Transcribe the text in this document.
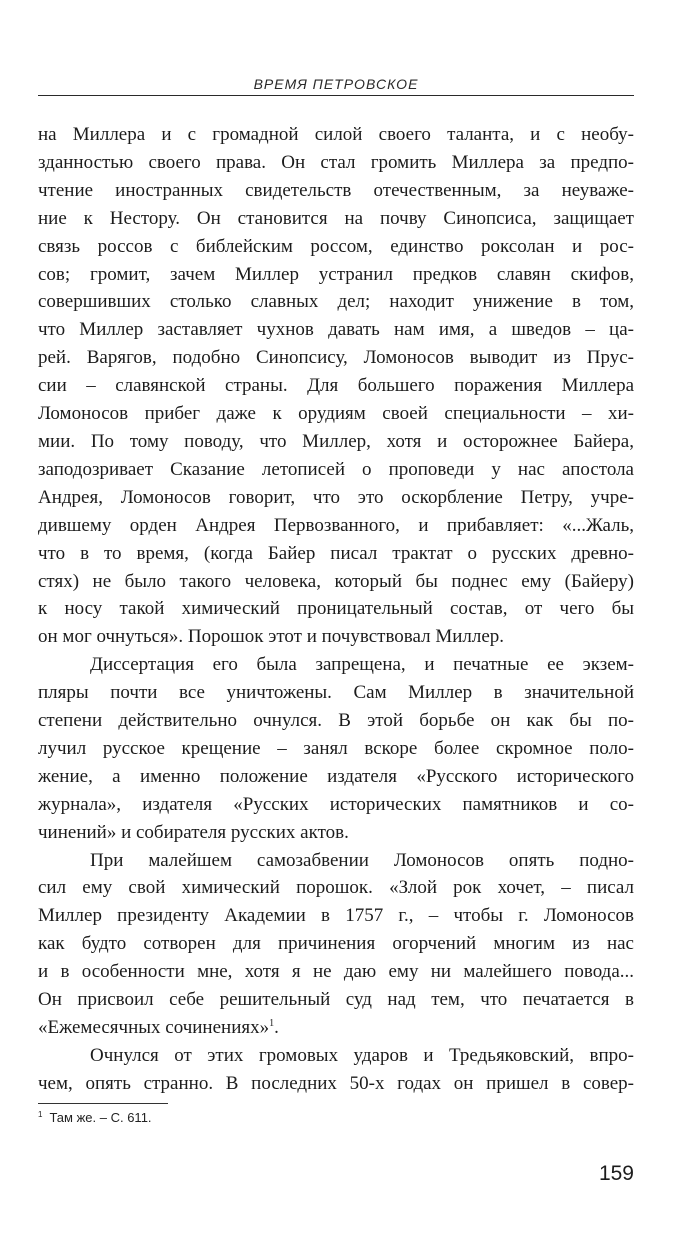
ВРЕМЯ ПЕТРОВСКОЕ
на Миллера и с громадной силой своего таланта, и с необу-
зданностью своего права. Он стал громить Миллера за предпо-
чтение иностранных свидетельств отечественным, за неуваже-
ние к Нестору. Он становится на почву Синопсиса, защищает
связь россов с библейским россом, единство роксолан и рос-
сов; громит, зачем Миллер устранил предков славян скифов,
совершивших столько славных дел; находит унижение в том,
что Миллер заставляет чухнов давать нам имя, а шведов – ца-
рей. Варягов, подобно Синопсису, Ломоносов выводит из Прус-
сии – славянской страны. Для большего поражения Миллера
Ломоносов прибег даже к орудиям своей специальности – хи-
мии. По тому поводу, что Миллер, хотя и осторожнее Байера,
заподозривает Сказание летописей о проповеди у нас апостола
Андрея, Ломоносов говорит, что это оскорбление Петру, учре-
дившему орден Андрея Первозванного, и прибавляет: «...Жаль,
что в то время, (когда Байер писал трактат о русских древно-
стях) не было такого человека, который бы поднес ему (Байеру)
к носу такой химический проницательный состав, от чего бы
он мог очнуться». Порошок этот и почувствовал Миллер.
Диссертация его была запрещена, и печатные ее экзем-
пляры почти все уничтожены. Сам Миллер в значительной
степени действительно очнулся. В этой борьбе он как бы по-
лучил русское крещение – занял вскоре более скромное поло-
жение, а именно положение издателя «Русского исторического
журнала», издателя «Русских исторических памятников и со-
чинений» и собирателя русских актов.
При малейшем самозабвении Ломоносов опять подно-
сил ему свой химический порошок. «Злой рок хочет, – писал
Миллер президенту Академии в 1757 г., – чтобы г. Ломоносов
как будто сотворен для причинения огорчений многим из нас
и в особенности мне, хотя я не даю ему ни малейшего повода...
Он присвоил себе решительный суд над тем, что печатается в
«Ежемесячных сочинениях»$^1$.
Очнулся от этих громовых ударов и Тредьяковский, впро-
чем, опять странно. В последних 50-х годах он пришел в совер-
$^1$ Там же. – С. 611.
159
